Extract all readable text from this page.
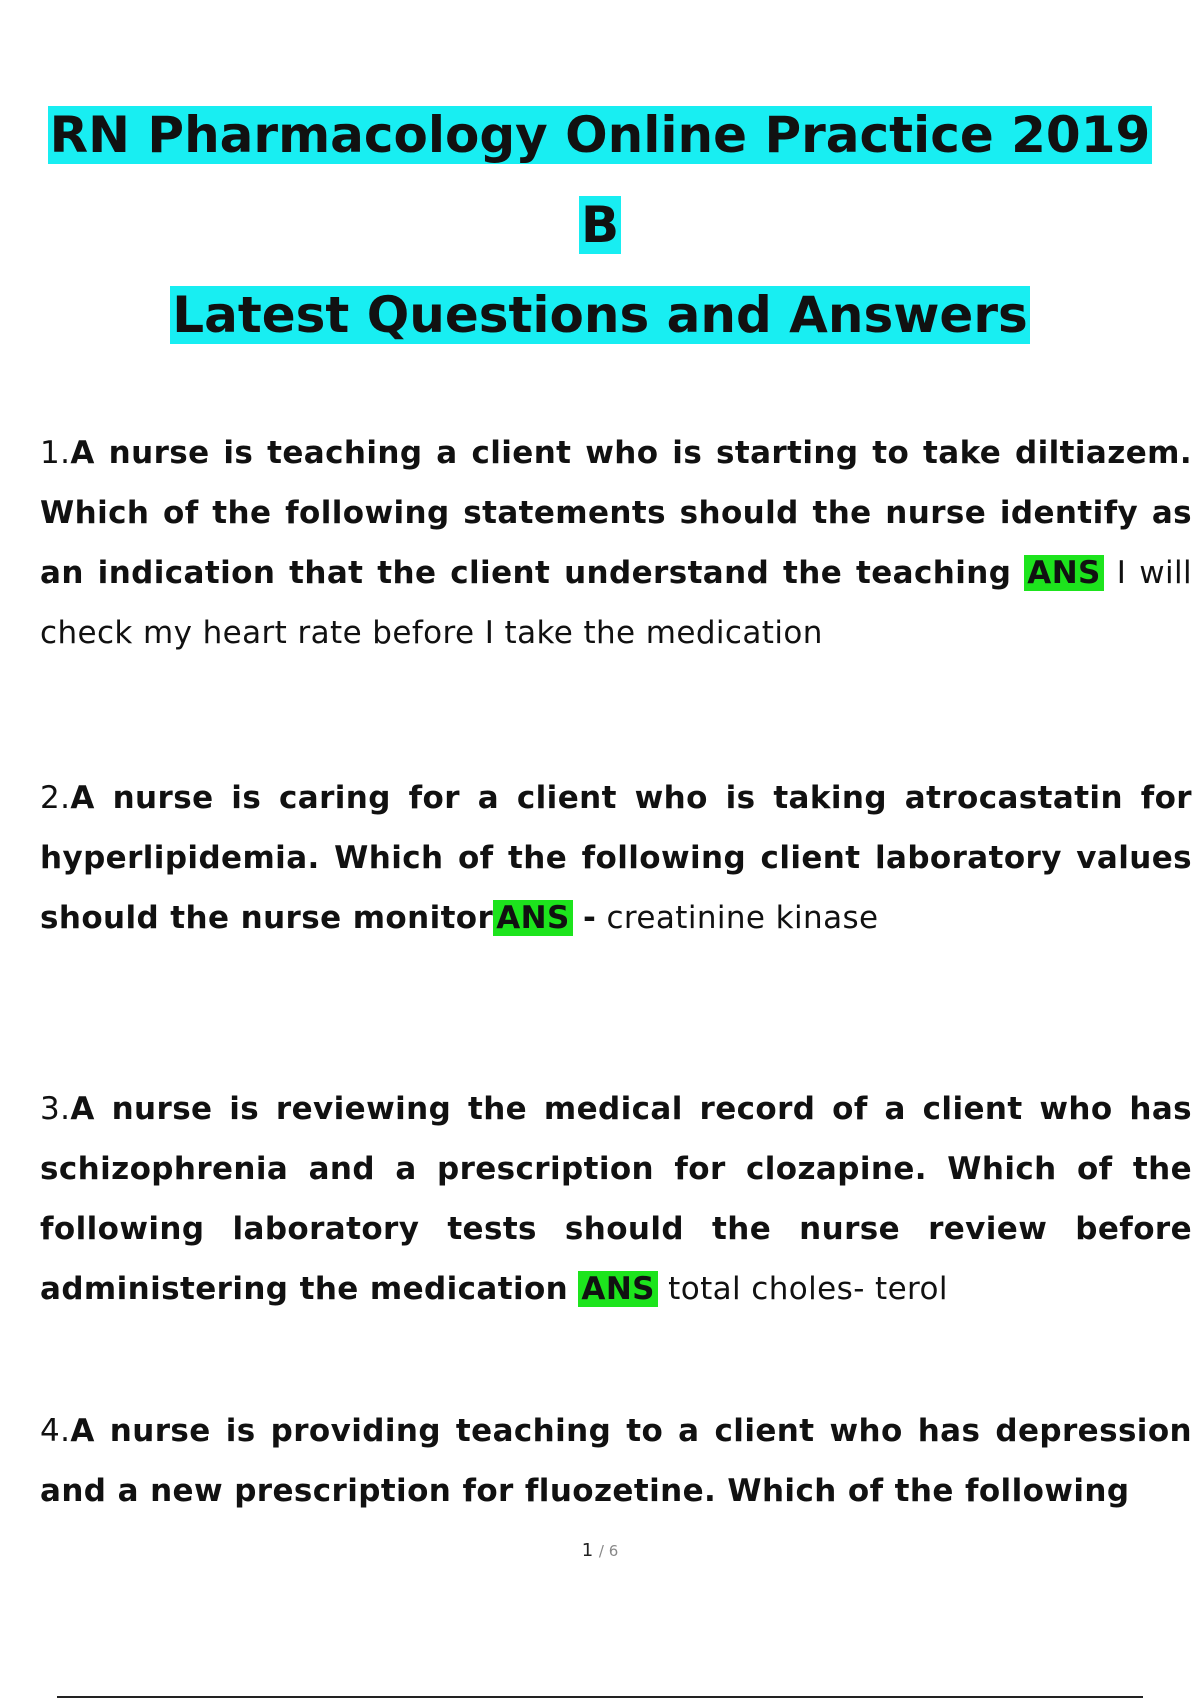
RN Pharmacology Online Practice 2019
B
Latest Questions and Answers
1.A nurse is teaching a client who is starting to take diltiazem. Which of the following statements should the nurse identify as an indication that the client understand the teaching ANS I will check my heart rate before I take the medication
2.A nurse is caring for a client who is taking atrocastatin for hyperlipidemia. Which of the following client laboratory values should the nurse monitorANS - creatinine kinase
3.A nurse is reviewing the medical record of a client who has schizophrenia and a prescription for clozapine. Which of the following laboratory tests should the nurse review before administering the medication ANS total choles- terol
4.A nurse is providing teaching to a client who has depression and a new prescription for fluozetine. Which of the following
1 / 6
